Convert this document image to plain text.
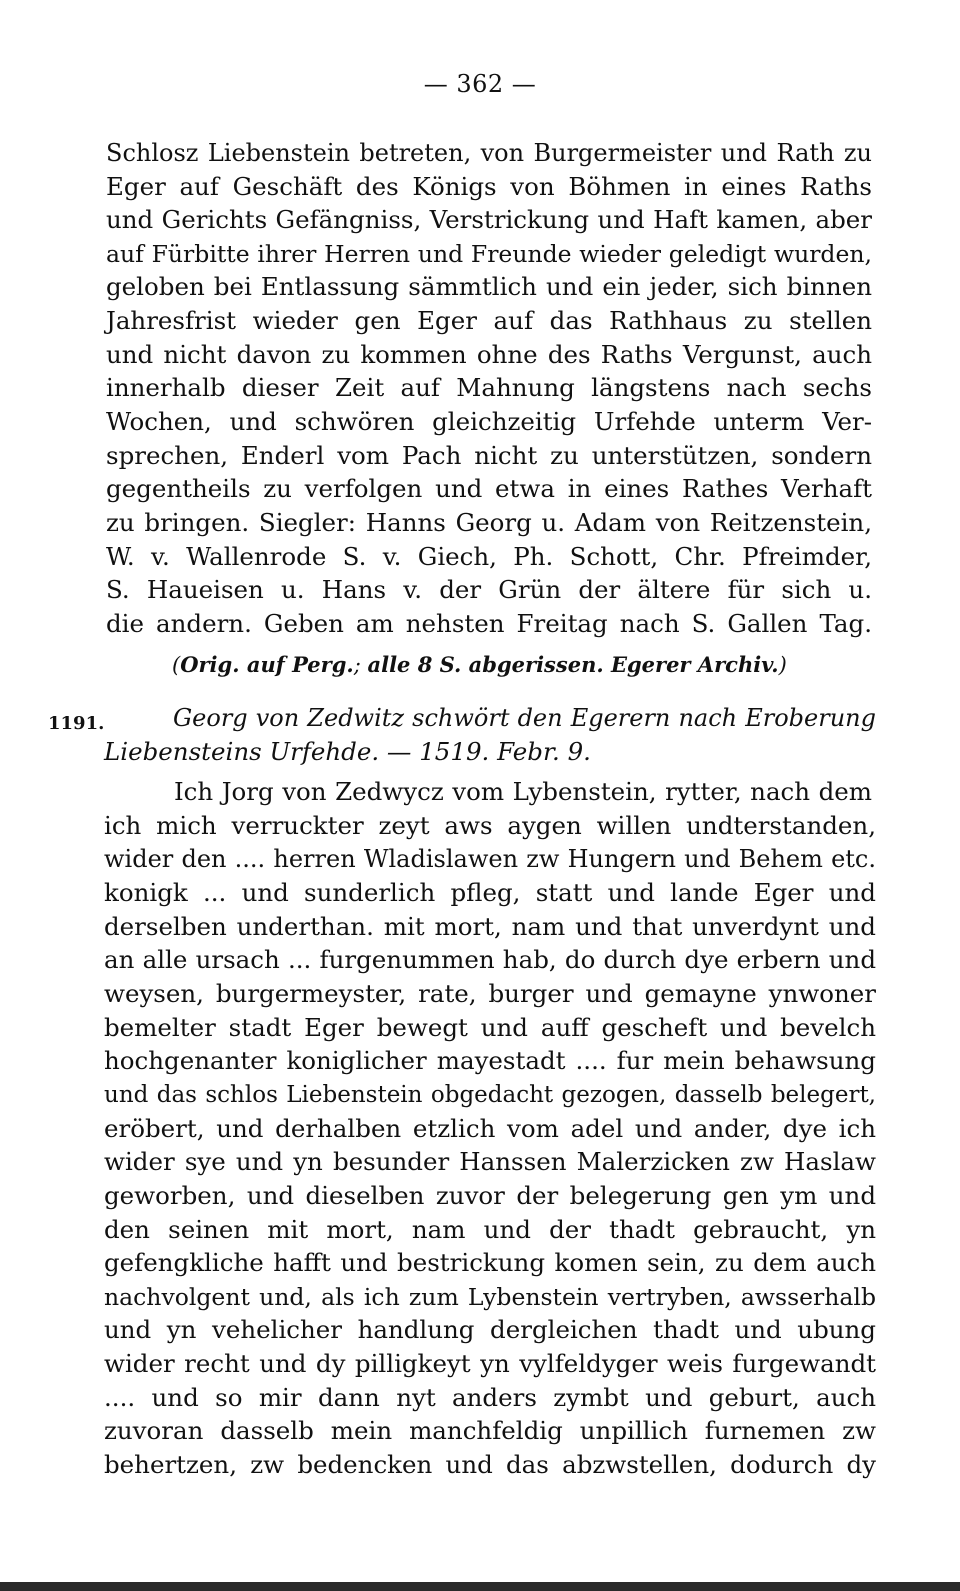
— 362 —
Schlosz Liebenstein betreten, von Burgermeister und Rath zu
Eger auf Geschäft des Königs von Böhmen in eines Raths
und Gerichts Gefängniss, Verstrickung und Haft kamen, aber
auf Fürbitte ihrer Herren und Freunde wieder geledigt wurden,
geloben bei Entlassung sämmtlich und ein jeder, sich binnen
Jahresfrist wieder gen Eger auf das Rathhaus zu stellen
und nicht davon zu kommen ohne des Raths Vergunst, auch
innerhalb dieser Zeit auf Mahnung längstens nach sechs
Wochen, und schwören gleichzeitig Urfehde unterm Ver-
sprechen, Enderl vom Pach nicht zu unterstützen, sondern
gegentheils zu verfolgen und etwa in eines Rathes Verhaft
zu bringen. Siegler: Hanns Georg u. Adam von Reitzenstein,
W. v. Wallenrode S. v. Giech, Ph. Schott, Chr. Pfreimder,
S. Haueisen u. Hans v. der Grün der ältere für sich u.
die andern. Geben am nehsten Freitag nach S. Gallen Tag.
(Orig. auf Perg.; alle 8 S. abgerissen. Egerer Archiv.)
1191.	Georg von Zedwitz schwört den Egerern nach Eroberung
Liebensteins Urfehde. — 1519. Febr. 9.
Ich Jorg von Zedwycz vom Lybenstein, rytter, nach dem
ich mich verruckter zeyt aws aygen willen undterstanden,
wider den .... herren Wladislawen zw Hungern und Behem etc.
konigk ... und sunderlich pfleg, statt und lande Eger und
derselben underthan. mit mort, nam und that unverdynt und
an alle ursach ... furgenummen hab, do durch dye erbern und
weysen, burgermeyster, rate, burger und gemayne ynwoner
bemelter stadt Eger bewegt und auff gescheft und bevelch
hochgenanter koniglicher mayestadt .... fur mein behawsung
und das schlos Liebenstein obgedacht gezogen, dasselb belegert,
eröbert, und derhalben etzlich vom adel und ander, dye ich
wider sye und yn besunder Hanssen Malerzicken zw Haslaw
geworben, und dieselben zuvor der belegerung gen ym und
den seinen mit mort, nam und der thadt gebraucht, yn
gefengkliche hafft und bestrickung komen sein, zu dem auch
nachvolgent und, als ich zum Lybenstein vertryben, awsserhalb
und yn vehelicher handlung dergleichen thadt und ubung
wider recht und dy pilligkeyt yn vylfeldyger weis furgewandt
.... und so mir dann nyt anders zymbt und geburt, auch
zuvoran dasselb mein manchfeldig unpillich furnemen zw
behertzen, zw bedencken und das abzwstellen, dodurch dy
